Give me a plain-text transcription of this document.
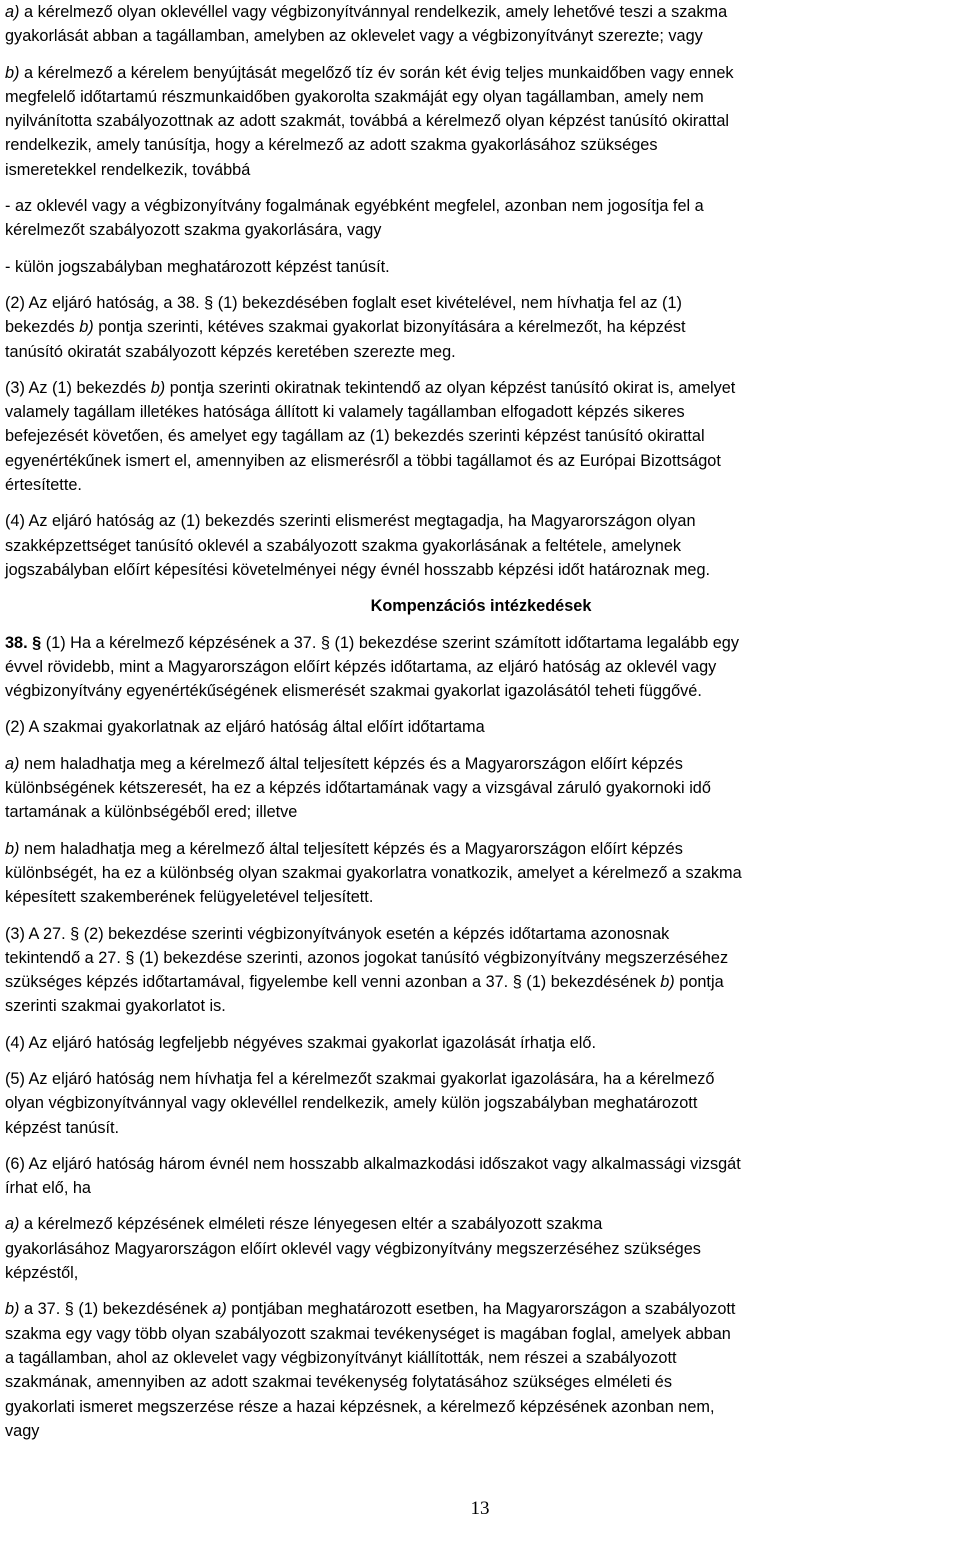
a) a kérelmező olyan oklevéllel vagy végbizonyítvánnyal rendelkezik, amely lehetővé teszi a szakma
gyakorlását abban a tagállamban, amelyben az oklevelet vagy a végbizonyítványt szerezte; vagy
b) a kérelmező a kérelem benyújtását megelőző tíz év során két évig teljes munkaidőben vagy ennek
megfelelő időtartamú részmunkaidőben gyakorolta szakmáját egy olyan tagállamban, amely nem
nyilvánította szabályozottnak az adott szakmát, továbbá a kérelmező olyan képzést tanúsító okirattal
rendelkezik, amely tanúsítja, hogy a kérelmező az adott szakma gyakorlásához szükséges
ismeretekkel rendelkezik, továbbá
- az oklevél vagy a végbizonyítvány fogalmának egyébként megfelel, azonban nem jogosítja fel a
kérelmezőt szabályozott szakma gyakorlására, vagy
- külön jogszabályban meghatározott képzést tanúsít.
(2) Az eljáró hatóság, a 38. § (1) bekezdésében foglalt eset kivételével, nem hívhatja fel az (1)
bekezdés b) pontja szerinti, kétéves szakmai gyakorlat bizonyítására a kérelmezőt, ha képzést
tanúsító okiratát szabályozott képzés keretében szerezte meg.
(3) Az (1) bekezdés b) pontja szerinti okiratnak tekintendő az olyan képzést tanúsító okirat is, amelyet
valamely tagállam illetékes hatósága állított ki valamely tagállamban elfogadott képzés sikeres
befejezését követően, és amelyet egy tagállam az (1) bekezdés szerinti képzést tanúsító okirattal
egyenértékűnek ismert el, amennyiben az elismerésről a többi tagállamot és az Európai Bizottságot
értesítette.
(4) Az eljáró hatóság az (1) bekezdés szerinti elismerést megtagadja, ha Magyarországon olyan
szakképzettséget tanúsító oklevél a szabályozott szakma gyakorlásának a feltétele, amelynek
jogszabályban előírt képesítési követelményei négy évnél hosszabb képzési időt határoznak meg.
Kompenzációs intézkedések
38. § (1) Ha a kérelmező képzésének a 37. § (1) bekezdése szerint számított időtartama legalább egy
évvel rövidebb, mint a Magyarországon előírt képzés időtartama, az eljáró hatóság az oklevél vagy
végbizonyítvány egyenértékűségének elismerését szakmai gyakorlat igazolásától teheti függővé.
(2) A szakmai gyakorlatnak az eljáró hatóság által előírt időtartama
a) nem haladhatja meg a kérelmező által teljesített képzés és a Magyarországon előírt képzés
különbségének kétszeresét, ha ez a képzés időtartamának vagy a vizsgával záruló gyakornoki idő
tartamának a különbségéből ered; illetve
b) nem haladhatja meg a kérelmező által teljesített képzés és a Magyarországon előírt képzés
különbségét, ha ez a különbség olyan szakmai gyakorlatra vonatkozik, amelyet a kérelmező a szakma
képesített szakemberének felügyeletével teljesített.
(3) A 27. § (2) bekezdése szerinti végbizonyítványok esetén a képzés időtartama azonosnak
tekintendő a 27. § (1) bekezdése szerinti, azonos jogokat tanúsító végbizonyítvány megszerzéséhez
szükséges képzés időtartamával, figyelembe kell venni azonban a 37. § (1) bekezdésének b) pontja
szerinti szakmai gyakorlatot is.
(4) Az eljáró hatóság legfeljebb négyéves szakmai gyakorlat igazolását írhatja elő.
(5) Az eljáró hatóság nem hívhatja fel a kérelmezőt szakmai gyakorlat igazolására, ha a kérelmező
olyan végbizonyítvánnyal vagy oklevéllel rendelkezik, amely külön jogszabályban meghatározott
képzést tanúsít.
(6) Az eljáró hatóság három évnél nem hosszabb alkalmazkodási időszakot vagy alkalmassági vizsgát
írhat elő, ha
a) a kérelmező képzésének elméleti része lényegesen eltér a szabályozott szakma
gyakorlásához Magyarországon előírt oklevél vagy végbizonyítvány megszerzéséhez szükséges
képzéstől,
b) a 37. § (1) bekezdésének a) pontjában meghatározott esetben, ha Magyarországon a szabályozott
szakma egy vagy több olyan szabályozott szakmai tevékenységet is magában foglal, amelyek abban
a tagállamban, ahol az oklevelet vagy végbizonyítványt kiállították, nem részei a szabályozott
szakmának, amennyiben az adott szakmai tevékenység folytatásához szükséges elméleti és
gyakorlati ismeret megszerzése része a hazai képzésnek, a kérelmező képzésének azonban nem,
vagy
13
